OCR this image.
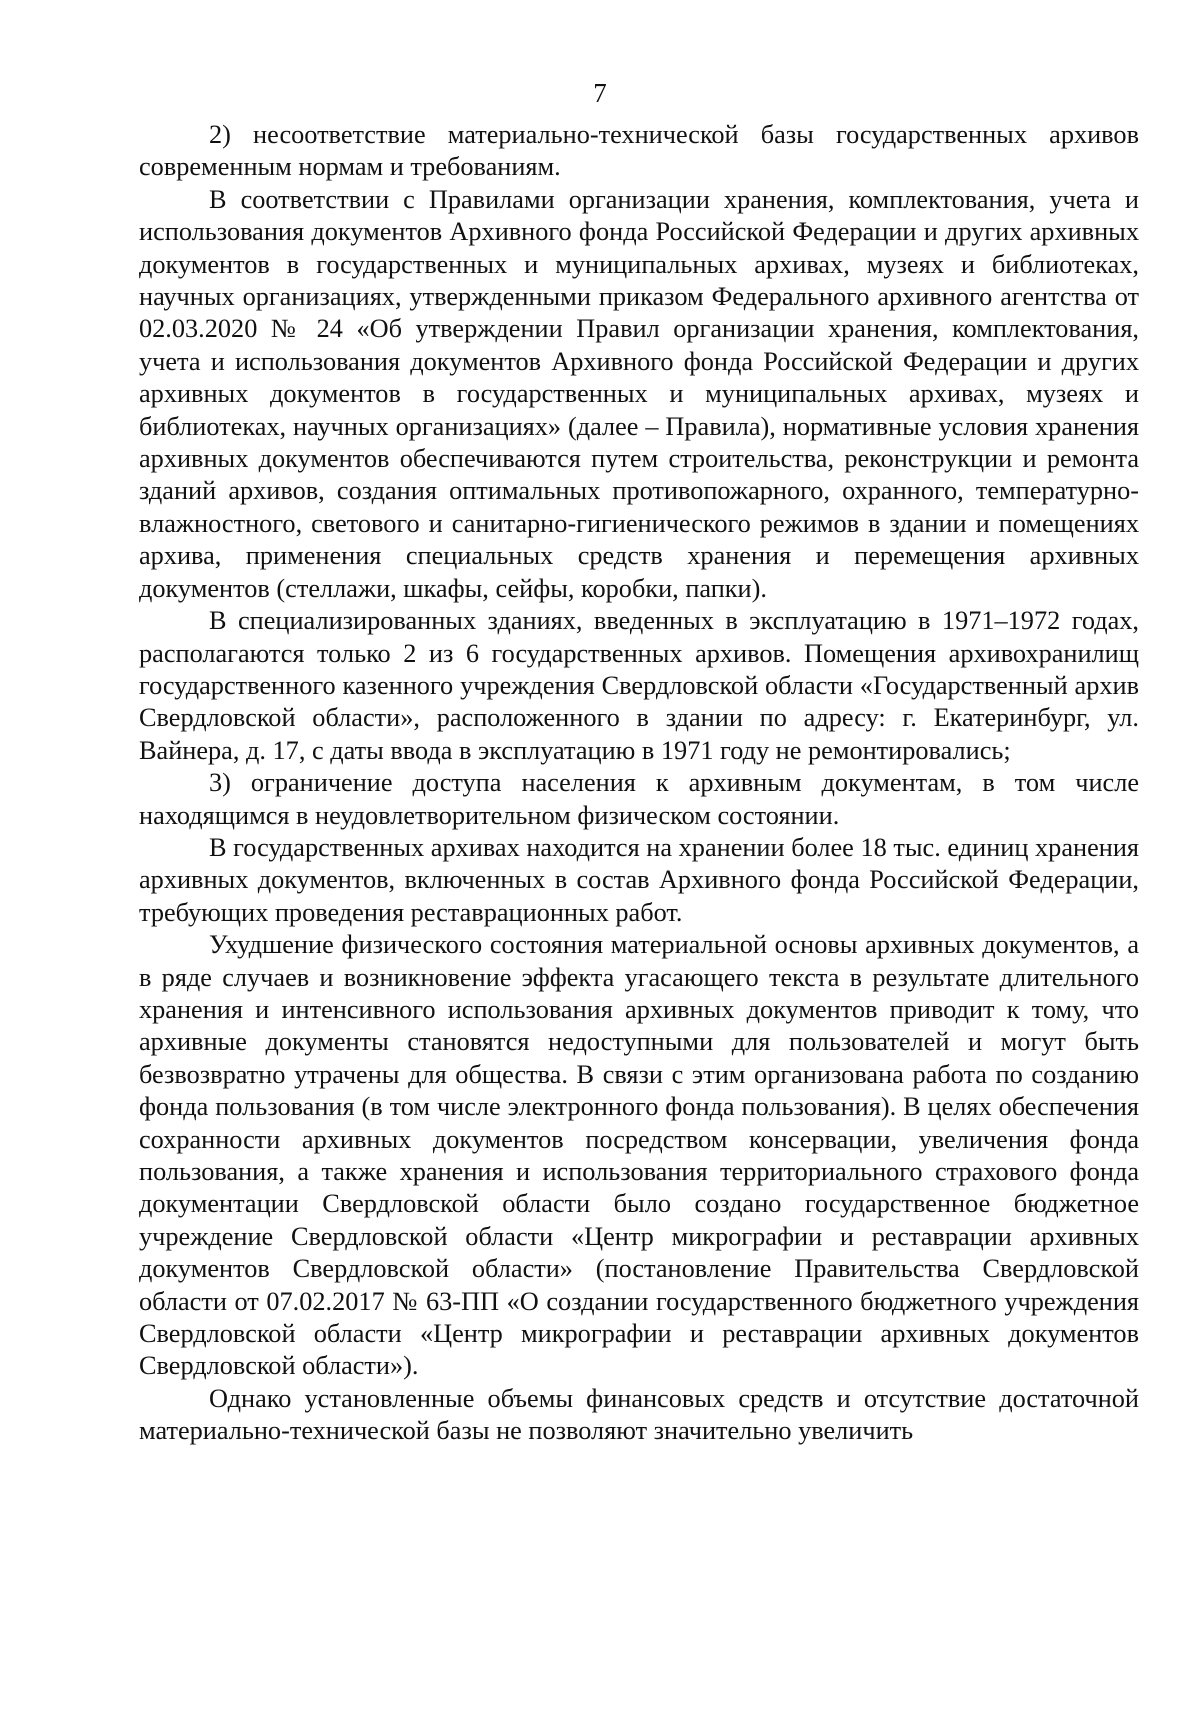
7

2) несоответствие материально-технической базы государственных архивов современным нормам и требованиям.

В соответствии с Правилами организации хранения, комплектования, учета и использования документов Архивного фонда Российской Федерации и других архивных документов в государственных и муниципальных архивах, музеях и библиотеках, научных организациях, утвержденными приказом Федерального архивного агентства от 02.03.2020 № 24 «Об утверждении Правил организации хранения, комплектования, учета и использования документов Архивного фонда Российской Федерации и других архивных документов в государственных и муниципальных архивах, музеях и библиотеках, научных организациях» (далее – Правила), нормативные условия хранения архивных документов обеспечиваются путем строительства, реконструкции и ремонта зданий архивов, создания оптимальных противопожарного, охранного, температурно-влажностного, светового и санитарно-гигиенического режимов в здании и помещениях архива, применения специальных средств хранения и перемещения архивных документов (стеллажи, шкафы, сейфы, коробки, папки).

В специализированных зданиях, введенных в эксплуатацию в 1971–1972 годах, располагаются только 2 из 6 государственных архивов. Помещения архивохранилищ государственного казенного учреждения Свердловской области «Государственный архив Свердловской области», расположенного в здании по адресу: г. Екатеринбург, ул. Вайнера, д. 17, с даты ввода в эксплуатацию в 1971 году не ремонтировались;

3) ограничение доступа населения к архивным документам, в том числе находящимся в неудовлетворительном физическом состоянии.

В государственных архивах находится на хранении более 18 тыс. единиц хранения архивных документов, включенных в состав Архивного фонда Российской Федерации, требующих проведения реставрационных работ.

Ухудшение физического состояния материальной основы архивных документов, а в ряде случаев и возникновение эффекта угасающего текста в результате длительного хранения и интенсивного использования архивных документов приводит к тому, что архивные документы становятся недоступными для пользователей и могут быть безвозвратно утрачены для общества. В связи с этим организована работа по созданию фонда пользования (в том числе электронного фонда пользования). В целях обеспечения сохранности архивных документов посредством консервации, увеличения фонда пользования, а также хранения и использования территориального страхового фонда документации Свердловской области было создано государственное бюджетное учреждение Свердловской области «Центр микрографии и реставрации архивных документов Свердловской области» (постановление Правительства Свердловской области от 07.02.2017 № 63-ПП «О создании государственного бюджетного учреждения Свердловской области «Центр микрографии и реставрации архивных документов Свердловской области»).

Однако установленные объемы финансовых средств и отсутствие достаточной материально-технической базы не позволяют значительно увеличить
